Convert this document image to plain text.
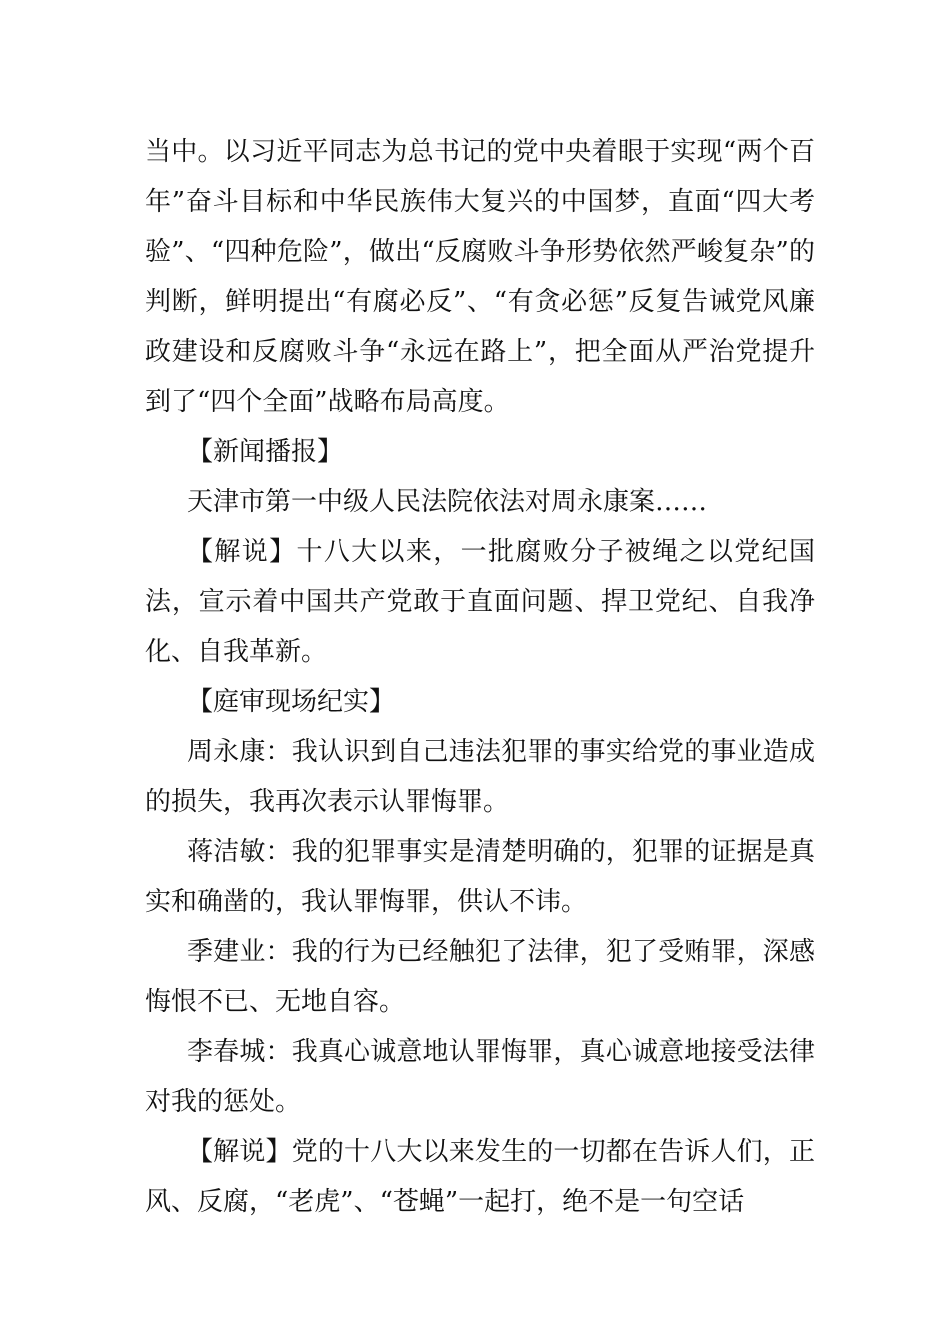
当中。以习近平同志为总书记的党中央着眼于实现“两个百年”奋斗目标和中华民族伟大复兴的中国梦，直面“四大考验”、“四种危险”，做出“反腐败斗争形势依然严峻复杂”的判断，鲜明提出“有腐必反”、“有贪必惩”反复告诫党风廉政建设和反腐败斗争“永远在路上”，把全面从严治党提升到了“四个全面”战略布局高度。

【新闻播报】

天津市第一中级人民法院依法对周永康案……

【解说】十八大以来，一批腐败分子被绳之以党纪国法，宣示着中国共产党敢于直面问题、捍卫党纪、自我净化、自我革新。

【庭审现场纪实】

周永康：我认识到自己违法犯罪的事实给党的事业造成的损失，我再次表示认罪悔罪。

蒋洁敏：我的犯罪事实是清楚明确的，犯罪的证据是真实和确凿的，我认罪悔罪，供认不讳。

季建业：我的行为已经触犯了法律，犯了受贿罪，深感悔恨不已、无地自容。

李春城：我真心诚意地认罪悔罪，真心诚意地接受法律对我的惩处。

【解说】党的十八大以来发生的一切都在告诉人们，正风、反腐，“老虎”、“苍蝇”一起打，绝不是一句空话
